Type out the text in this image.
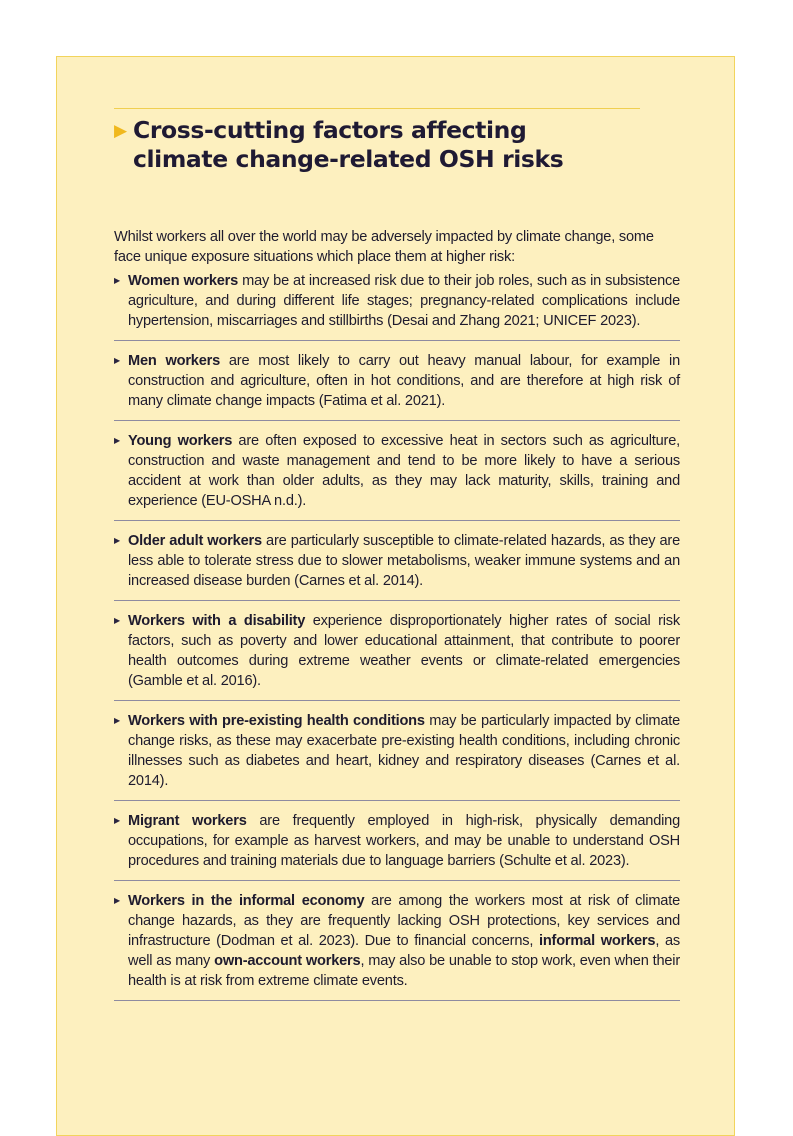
▶ Cross-cutting factors affecting
climate change-related OSH risks

Whilst workers all over the world may be adversely impacted by climate change, some face unique exposure situations which place them at higher risk:

▶ Women workers may be at increased risk due to their job roles, such as in subsistence agriculture, and during different life stages; pregnancy-related complications include hypertension, miscarriages and stillbirths (Desai and Zhang 2021; UNICEF 2023).
▶ Men workers are most likely to carry out heavy manual labour, for example in construction and agriculture, often in hot conditions, and are therefore at high risk of many climate change impacts (Fatima et al. 2021).
▶ Young workers are often exposed to excessive heat in sectors such as agriculture, construction and waste management and tend to be more likely to have a serious accident at work than older adults, as they may lack maturity, skills, training and experience (EU-OSHA n.d.).
▶ Older adult workers are particularly susceptible to climate-related hazards, as they are less able to tolerate stress due to slower metabolisms, weaker immune systems and an increased disease burden (Carnes et al. 2014).
▶ Workers with a disability experience disproportionately higher rates of social risk factors, such as poverty and lower educational attainment, that contribute to poorer health outcomes during extreme weather events or climate-related emergencies (Gamble et al. 2016).
▶ Workers with pre-existing health conditions may be particularly impacted by climate change risks, as these may exacerbate pre-existing health conditions, including chronic illnesses such as diabetes and heart, kidney and respiratory diseases (Carnes et al. 2014).
▶ Migrant workers are frequently employed in high-risk, physically demanding occupations, for example as harvest workers, and may be unable to understand OSH procedures and training materials due to language barriers (Schulte et al. 2023).
▶ Workers in the informal economy are among the workers most at risk of climate change hazards, as they are frequently lacking OSH protections, key services and infrastructure (Dodman et al. 2023). Due to financial concerns, informal workers, as well as many own-account workers, may also be unable to stop work, even when their health is at risk from extreme climate events.
